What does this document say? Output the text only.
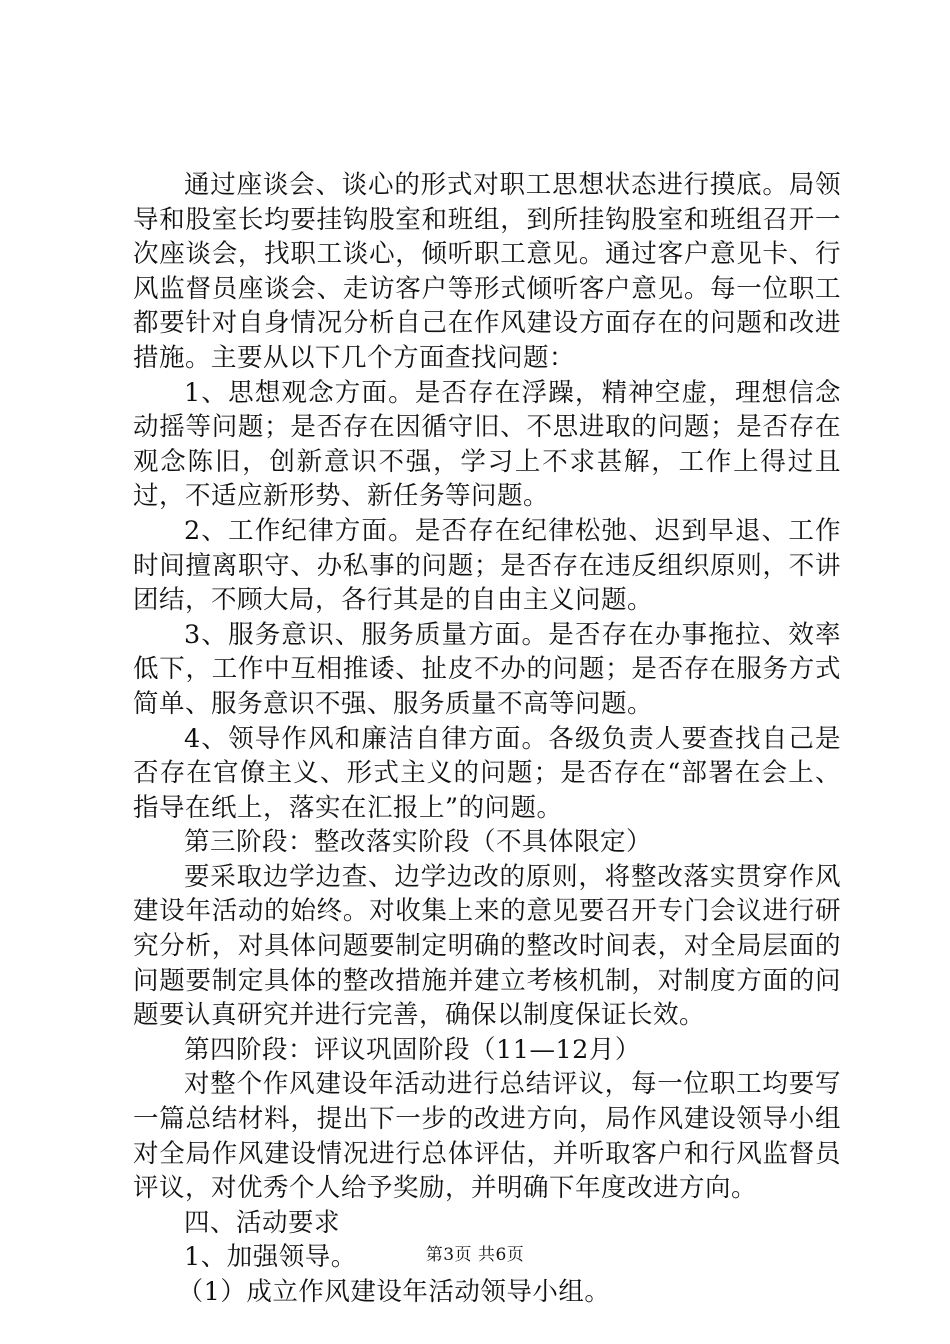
通过座谈会、谈心的形式对职工思想状态进行摸底。局领导和股室长均要挂钩股室和班组，到所挂钩股室和班组召开一次座谈会，找职工谈心，倾听职工意见。通过客户意见卡、行风监督员座谈会、走访客户等形式倾听客户意见。每一位职工都要针对自身情况分析自己在作风建设方面存在的问题和改进措施。主要从以下几个方面查找问题：

1、思想观念方面。是否存在浮躁，精神空虚，理想信念动摇等问题；是否存在因循守旧、不思进取的问题；是否存在观念陈旧，创新意识不强，学习上不求甚解，工作上得过且过，不适应新形势、新任务等问题。

2、工作纪律方面。是否存在纪律松弛、迟到早退、工作时间擅离职守、办私事的问题；是否存在违反组织原则，不讲团结，不顾大局，各行其是的自由主义问题。

3、服务意识、服务质量方面。是否存在办事拖拉、效率低下，工作中互相推诿、扯皮不办的问题；是否存在服务方式简单、服务意识不强、服务质量不高等问题。

4、领导作风和廉洁自律方面。各级负责人要查找自己是否存在官僚主义、形式主义的问题；是否存在“部署在会上、指导在纸上，落实在汇报上”的问题。

第三阶段：整改落实阶段（不具体限定）

要采取边学边查、边学边改的原则，将整改落实贯穿作风建设年活动的始终。对收集上来的意见要召开专门会议进行研究分析，对具体问题要制定明确的整改时间表，对全局层面的问题要制定具体的整改措施并建立考核机制，对制度方面的问题要认真研究并进行完善，确保以制度保证长效。

第四阶段：评议巩固阶段（11—12月）

对整个作风建设年活动进行总结评议，每一位职工均要写一篇总结材料，提出下一步的改进方向，局作风建设领导小组对全局作风建设情况进行总体评估，并听取客户和行风监督员评议，对优秀个人给予奖励，并明确下年度改进方向。

四、活动要求

1、加强领导。

（1）成立作风建设年活动领导小组。

第3页 共6页
